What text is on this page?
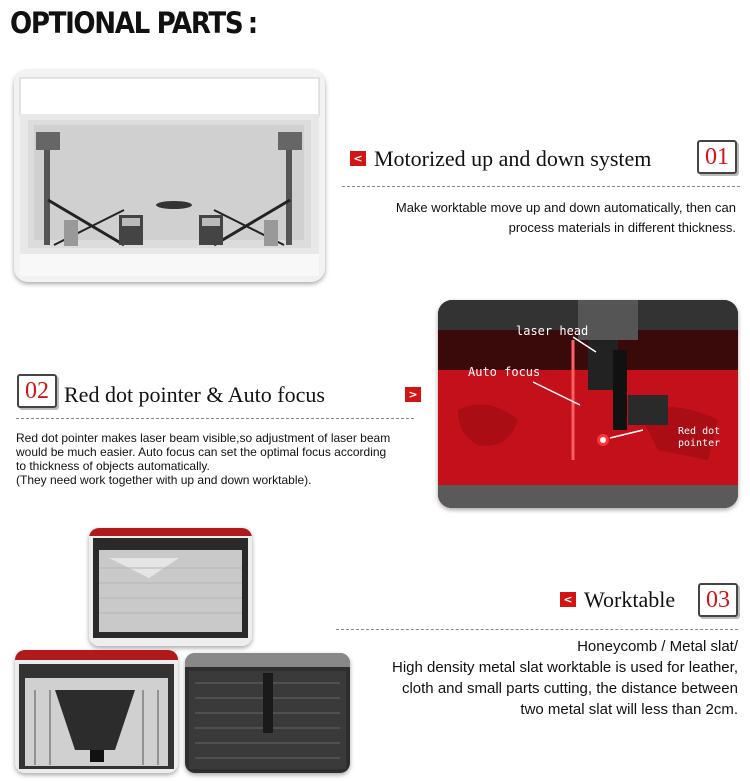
OPTIONAL PARTS :
< Motorized up and down system	01
Make worktable move up and down automatically, then can
process materials in different thickness.
laser head
Auto focus
Red dot
pointer
02 Red dot pointer & Auto focus	>
Red dot pointer makes laser beam visible,so adjustment of laser beam
would be much easier. Auto focus can set the optimal focus according
to thickness of objects automatically.
(They need work together with up and down worktable).
< Worktable	03
Honeycomb / Metal slat/
High density metal slat worktable is used for leather,
cloth and small parts cutting, the distance between
two metal slat will less than 2cm.
